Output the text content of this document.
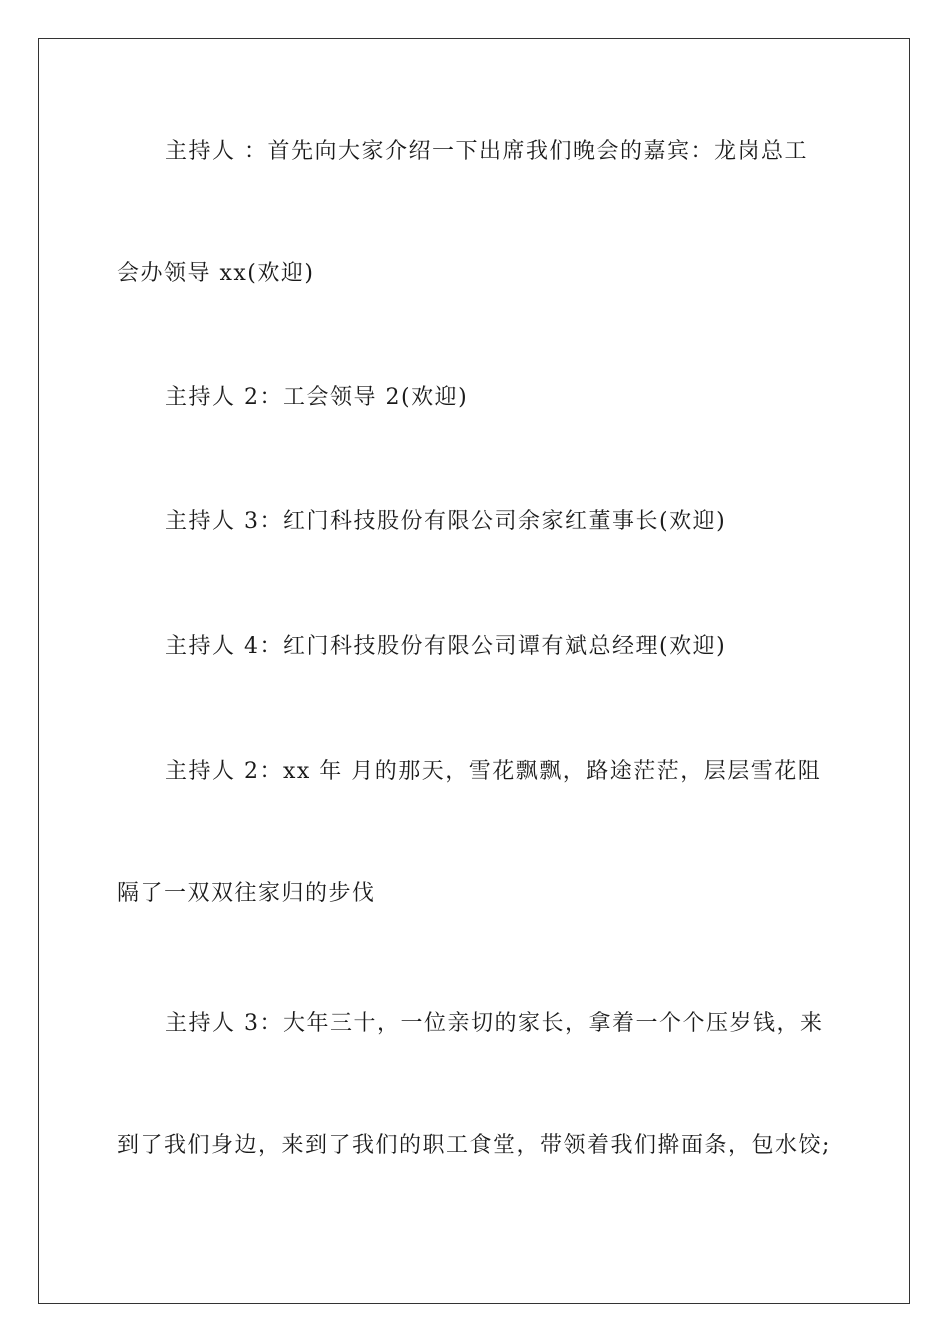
主持人 ：首先向大家介绍一下出席我们晚会的嘉宾：龙岗总工
会办领导 xx(欢迎)
主持人 2：工会领导 2(欢迎)
主持人 3：红门科技股份有限公司余家红董事长(欢迎)
主持人 4：红门科技股份有限公司谭有斌总经理(欢迎)
主持人 2：xx 年 月的那天，雪花飘飘，路途茫茫，层层雪花阻
隔了一双双往家归的步伐
主持人 3：大年三十，一位亲切的家长，拿着一个个压岁钱，来
到了我们身边，来到了我们的职工食堂，带领着我们擀面条，包水饺;
